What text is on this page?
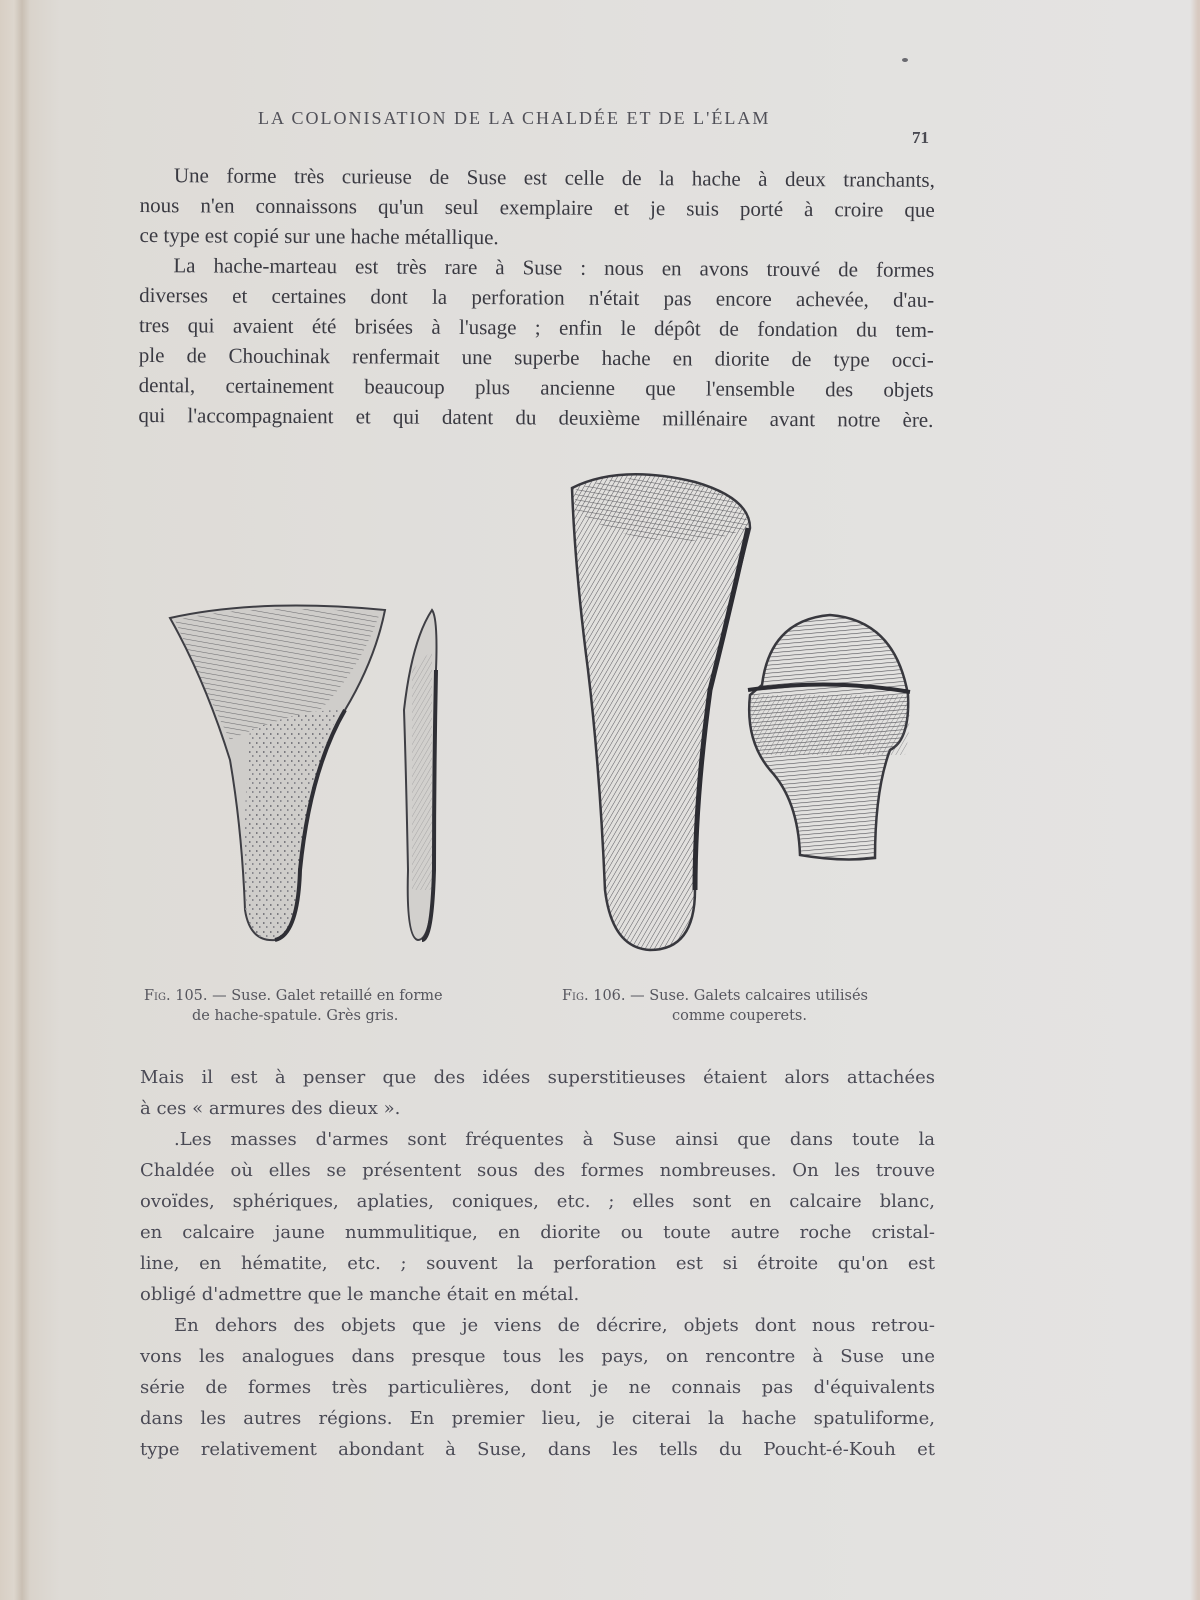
LA COLONISATION DE LA CHALDÉE ET DE L'ÉLAM
71

Une forme très curieuse de Suse est celle de la hache à deux tranchants,
nous n'en connaissons qu'un seul exemplaire et je suis porté à croire que
ce type est copié sur une hache métallique.

La hache-marteau est très rare à Suse : nous en avons trouvé de formes
diverses et certaines dont la perforation n'était pas encore achevée, d'au-
tres qui avaient été brisées à l'usage ; enfin le dépôt de fondation du tem-
ple de Chouchinak renfermait une superbe hache en diorite de type occi-
dental, certainement beaucoup plus ancienne que l'ensemble des objets
qui l'accompagnaient et qui datent du deuxième millénaire avant notre ère.

Fig. 105. — Suse. Galet retaillé en forme
de hache-spatule. Grès gris.
Fig. 106. — Suse. Galets calcaires utilisés
comme couperets.

Mais il est à penser que des idées superstitieuses étaient alors attachées
à ces « armures des dieux ».

.Les masses d'armes sont fréquentes à Suse ainsi que dans toute la
Chaldée où elles se présentent sous des formes nombreuses. On les trouve
ovoïdes, sphériques, aplaties, coniques, etc. ; elles sont en calcaire blanc,
en calcaire jaune nummulitique, en diorite ou toute autre roche cristal-
line, en hématite, etc. ; souvent la perforation est si étroite qu'on est
obligé d'admettre que le manche était en métal.

En dehors des objets que je viens de décrire, objets dont nous retrou-
vons les analogues dans presque tous les pays, on rencontre à Suse une
série de formes très particulières, dont je ne connais pas d'équivalents
dans les autres régions. En premier lieu, je citerai la hache spatuliforme,
type relativement abondant à Suse, dans les tells du Poucht-é-Kouh et
